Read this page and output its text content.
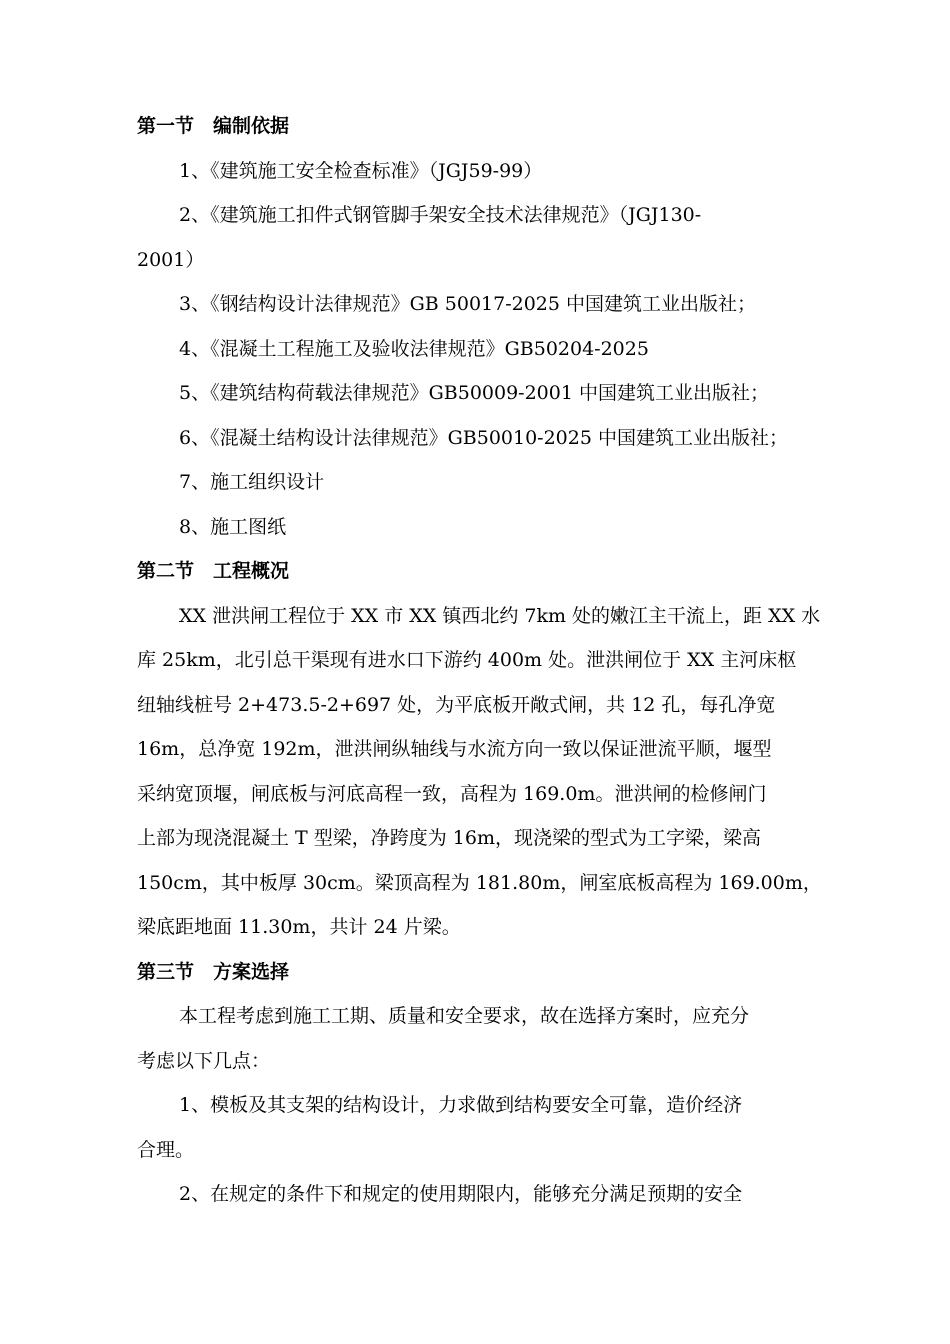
第一节　编制依据
1、《建筑施工安全检查标准》（JGJ59-99）
2、《建筑施工扣件式钢管脚手架安全技术法律规范》（JGJ130-
2001）
3、《钢结构设计法律规范》GB 50017-2025 中国建筑工业出版社；
4、《混凝土工程施工及验收法律规范》GB50204-2025
5、《建筑结构荷载法律规范》GB50009-2001 中国建筑工业出版社；
6、《混凝土结构设计法律规范》GB50010-2025 中国建筑工业出版社；
7、施工组织设计
8、施工图纸
第二节　工程概况
XX 泄洪闸工程位于 XX 市 XX 镇西北约 7km 处的嫩江主干流上，距 XX 水
库 25km，北引总干渠现有进水口下游约 400m 处。泄洪闸位于 XX 主河床枢
纽轴线桩号 2+473.5-2+697 处，为平底板开敞式闸，共 12 孔，每孔净宽
16m，总净宽 192m，泄洪闸纵轴线与水流方向一致以保证泄流平顺，堰型
采纳宽顶堰，闸底板与河底高程一致，高程为 169.0m。泄洪闸的检修闸门
上部为现浇混凝土 T 型梁，净跨度为 16m，现浇梁的型式为工字梁，梁高
150cm，其中板厚 30cm。梁顶高程为 181.80m，闸室底板高程为 169.00m，
梁底距地面 11.30m，共计 24 片梁。
第三节　方案选择
本工程考虑到施工工期、质量和安全要求，故在选择方案时，应充分
考虑以下几点：
1、模板及其支架的结构设计，力求做到结构要安全可靠，造价经济
合理。
2、在规定的条件下和规定的使用期限内，能够充分满足预期的安全
